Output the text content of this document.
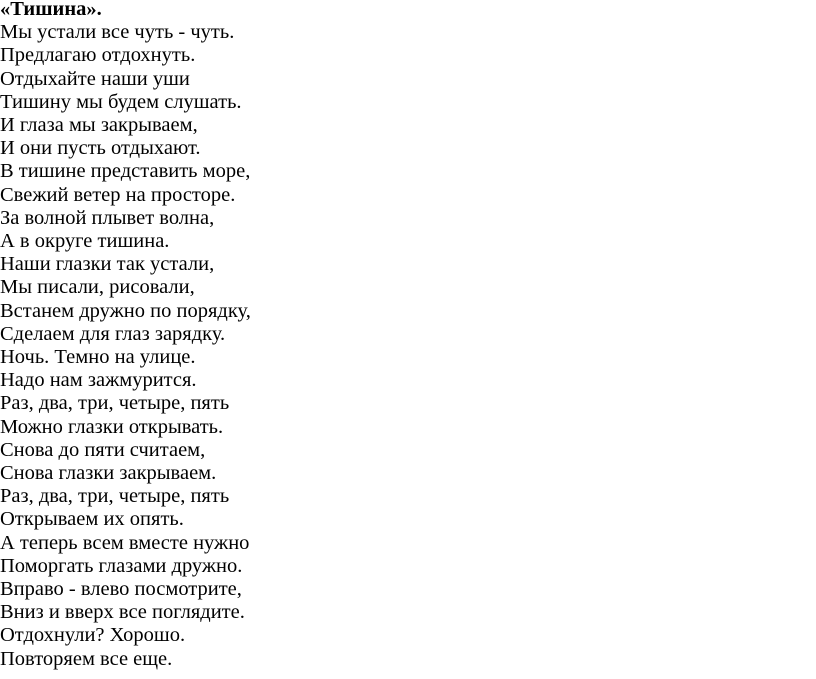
«Тишина».
Мы устали все чуть - чуть.
Предлагаю отдохнуть.
Отдыхайте наши уши
Тишину мы будем слушать.
И глаза мы закрываем,
И они пусть отдыхают.
В тишине представить море,
Свежий ветер на просторе.
За волной плывет волна,
А в округе тишина.
Наши глазки так устали,
Мы писали, рисовали,
Встанем дружно по порядку,
Сделаем для глаз зарядку.
Ночь. Темно на улице.
Надо нам зажмурится.
Раз, два, три, четыре, пять
Можно глазки открывать.
Снова до пяти считаем,
Снова глазки закрываем.
Раз, два, три, четыре, пять
Открываем их опять.
А теперь всем вместе нужно
Поморгать глазами дружно.
Вправо - влево посмотрите,
Вниз и вверх все поглядите.
Отдохнули? Хорошо.
Повторяем все еще.
